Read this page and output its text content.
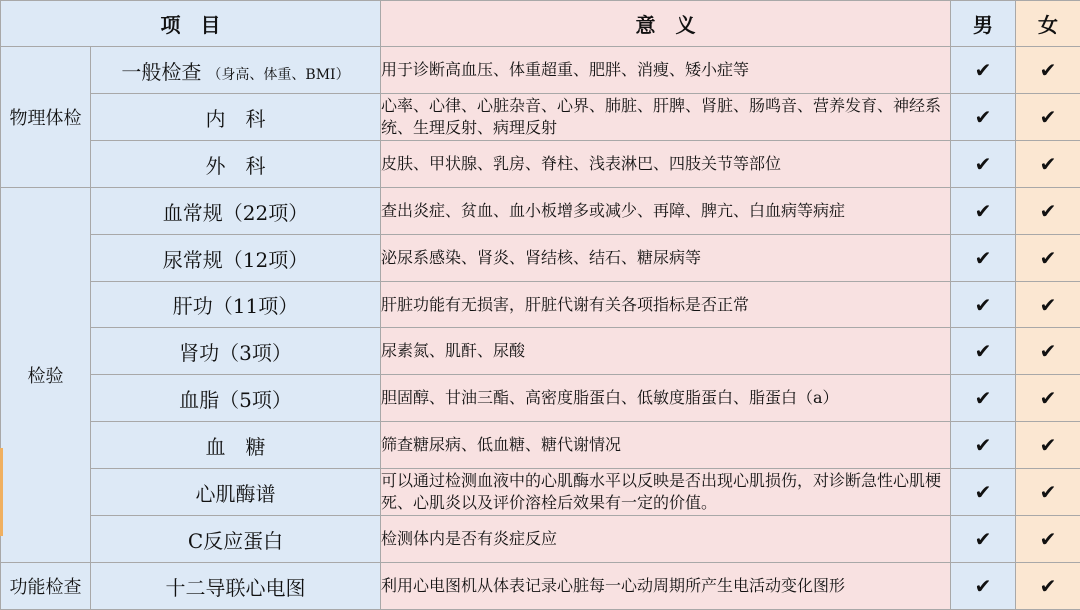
项　目		意　义	男	女
物理体检	一般检查 （身高、体重、BMI）	用于诊断高血压、体重超重、肥胖、消瘦、矮小症等	✔	✔
	内　科	心率、心律、心脏杂音、心界、肺脏、肝脾、肾脏、肠鸣音、营养发育、神经系统、生理反射、病理反射	✔	✔
	外　科	皮肤、甲状腺、乳房、脊柱、浅表淋巴、四肢关节等部位	✔	✔
检验	血常规（22项）	查出炎症、贫血、血小板增多或减少、再障、脾亢、白血病等病症	✔	✔
	尿常规（12项）	泌尿系感染、肾炎、肾结核、结石、糖尿病等	✔	✔
	肝功（11项）	肝脏功能有无损害，肝脏代谢有关各项指标是否正常	✔	✔
	肾功（3项）	尿素氮、肌酐、尿酸	✔	✔
	血脂（5项）	胆固醇、甘油三酯、高密度脂蛋白、低敏度脂蛋白、脂蛋白（a）	✔	✔
	血　糖	筛查糖尿病、低血糖、糖代谢情况	✔	✔
	心肌酶谱	可以通过检测血液中的心肌酶水平以反映是否出现心肌损伤，对诊断急性心肌梗死、心肌炎以及评价溶栓后效果有一定的价值。	✔	✔
	C反应蛋白	检测体内是否有炎症反应	✔	✔
功能检查	十二导联心电图	利用心电图机从体表记录心脏每一心动周期所产生电活动变化图形	✔	✔
